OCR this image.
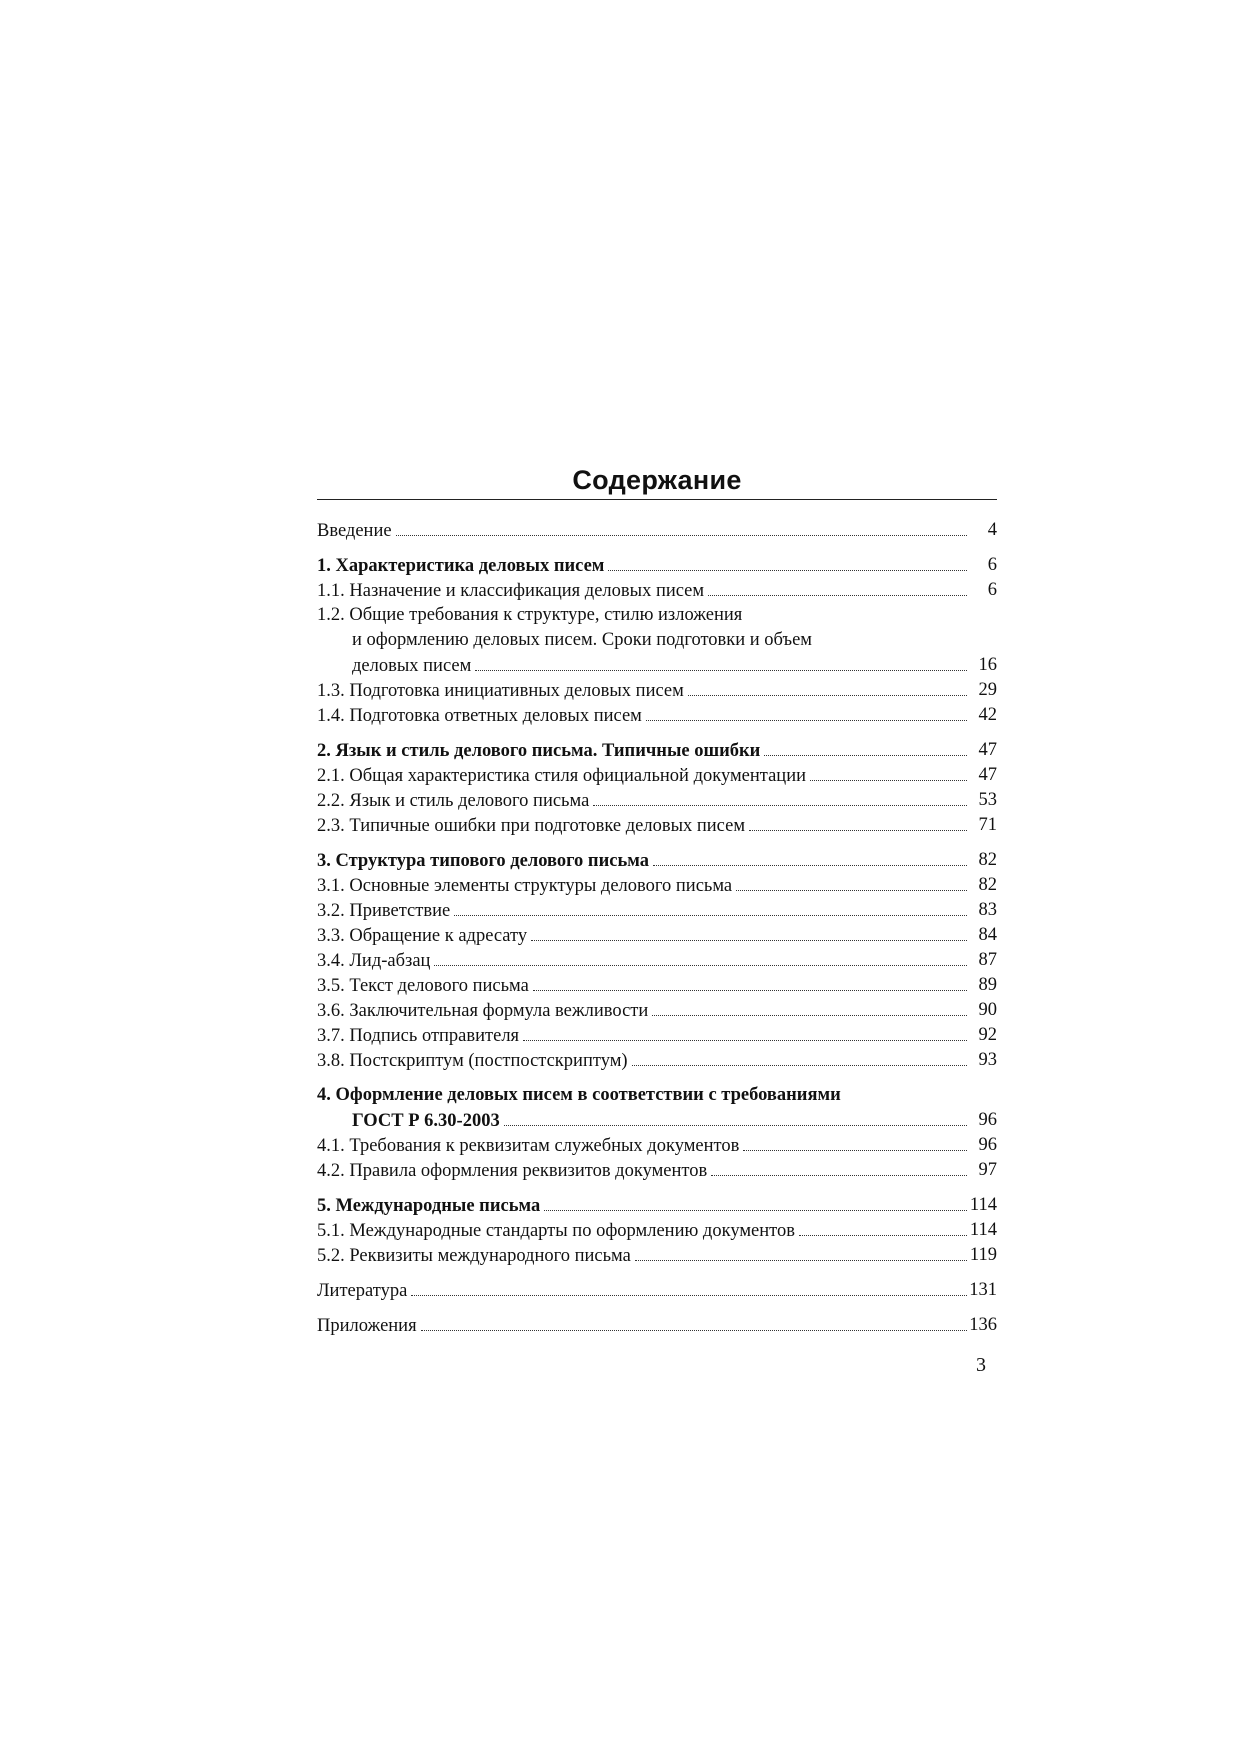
Содержание
Введение	4
1. Характеристика деловых писем	6
1.1. Назначение и классификация деловых писем	6
1.2. Общие требования к структуре, стилю изложения
и оформлению деловых писем. Сроки подготовки и объем
деловых писем	16
1.3. Подготовка инициативных деловых писем	29
1.4. Подготовка ответных деловых писем	42
2. Язык и стиль делового письма. Типичные ошибки	47
2.1. Общая характеристика стиля официальной документации	47
2.2. Язык и стиль делового письма	53
2.3. Типичные ошибки при подготовке деловых писем	71
3. Структура типового делового письма	82
3.1. Основные элементы структуры делового письма	82
3.2. Приветствие	83
3.3. Обращение к адресату	84
3.4. Лид-абзац	87
3.5. Текст делового письма	89
3.6. Заключительная формула вежливости	90
3.7. Подпись отправителя	92
3.8. Постскриптум (постпостскриптум)	93
4. Оформление деловых писем в соответствии с требованиями
ГОСТ Р 6.30-2003	96
4.1. Требования к реквизитам служебных документов	96
4.2. Правила оформления реквизитов документов	97
5. Международные письма	114
5.1. Международные стандарты по оформлению документов	114
5.2. Реквизиты международного письма	119
Литература	131
Приложения	136
3
